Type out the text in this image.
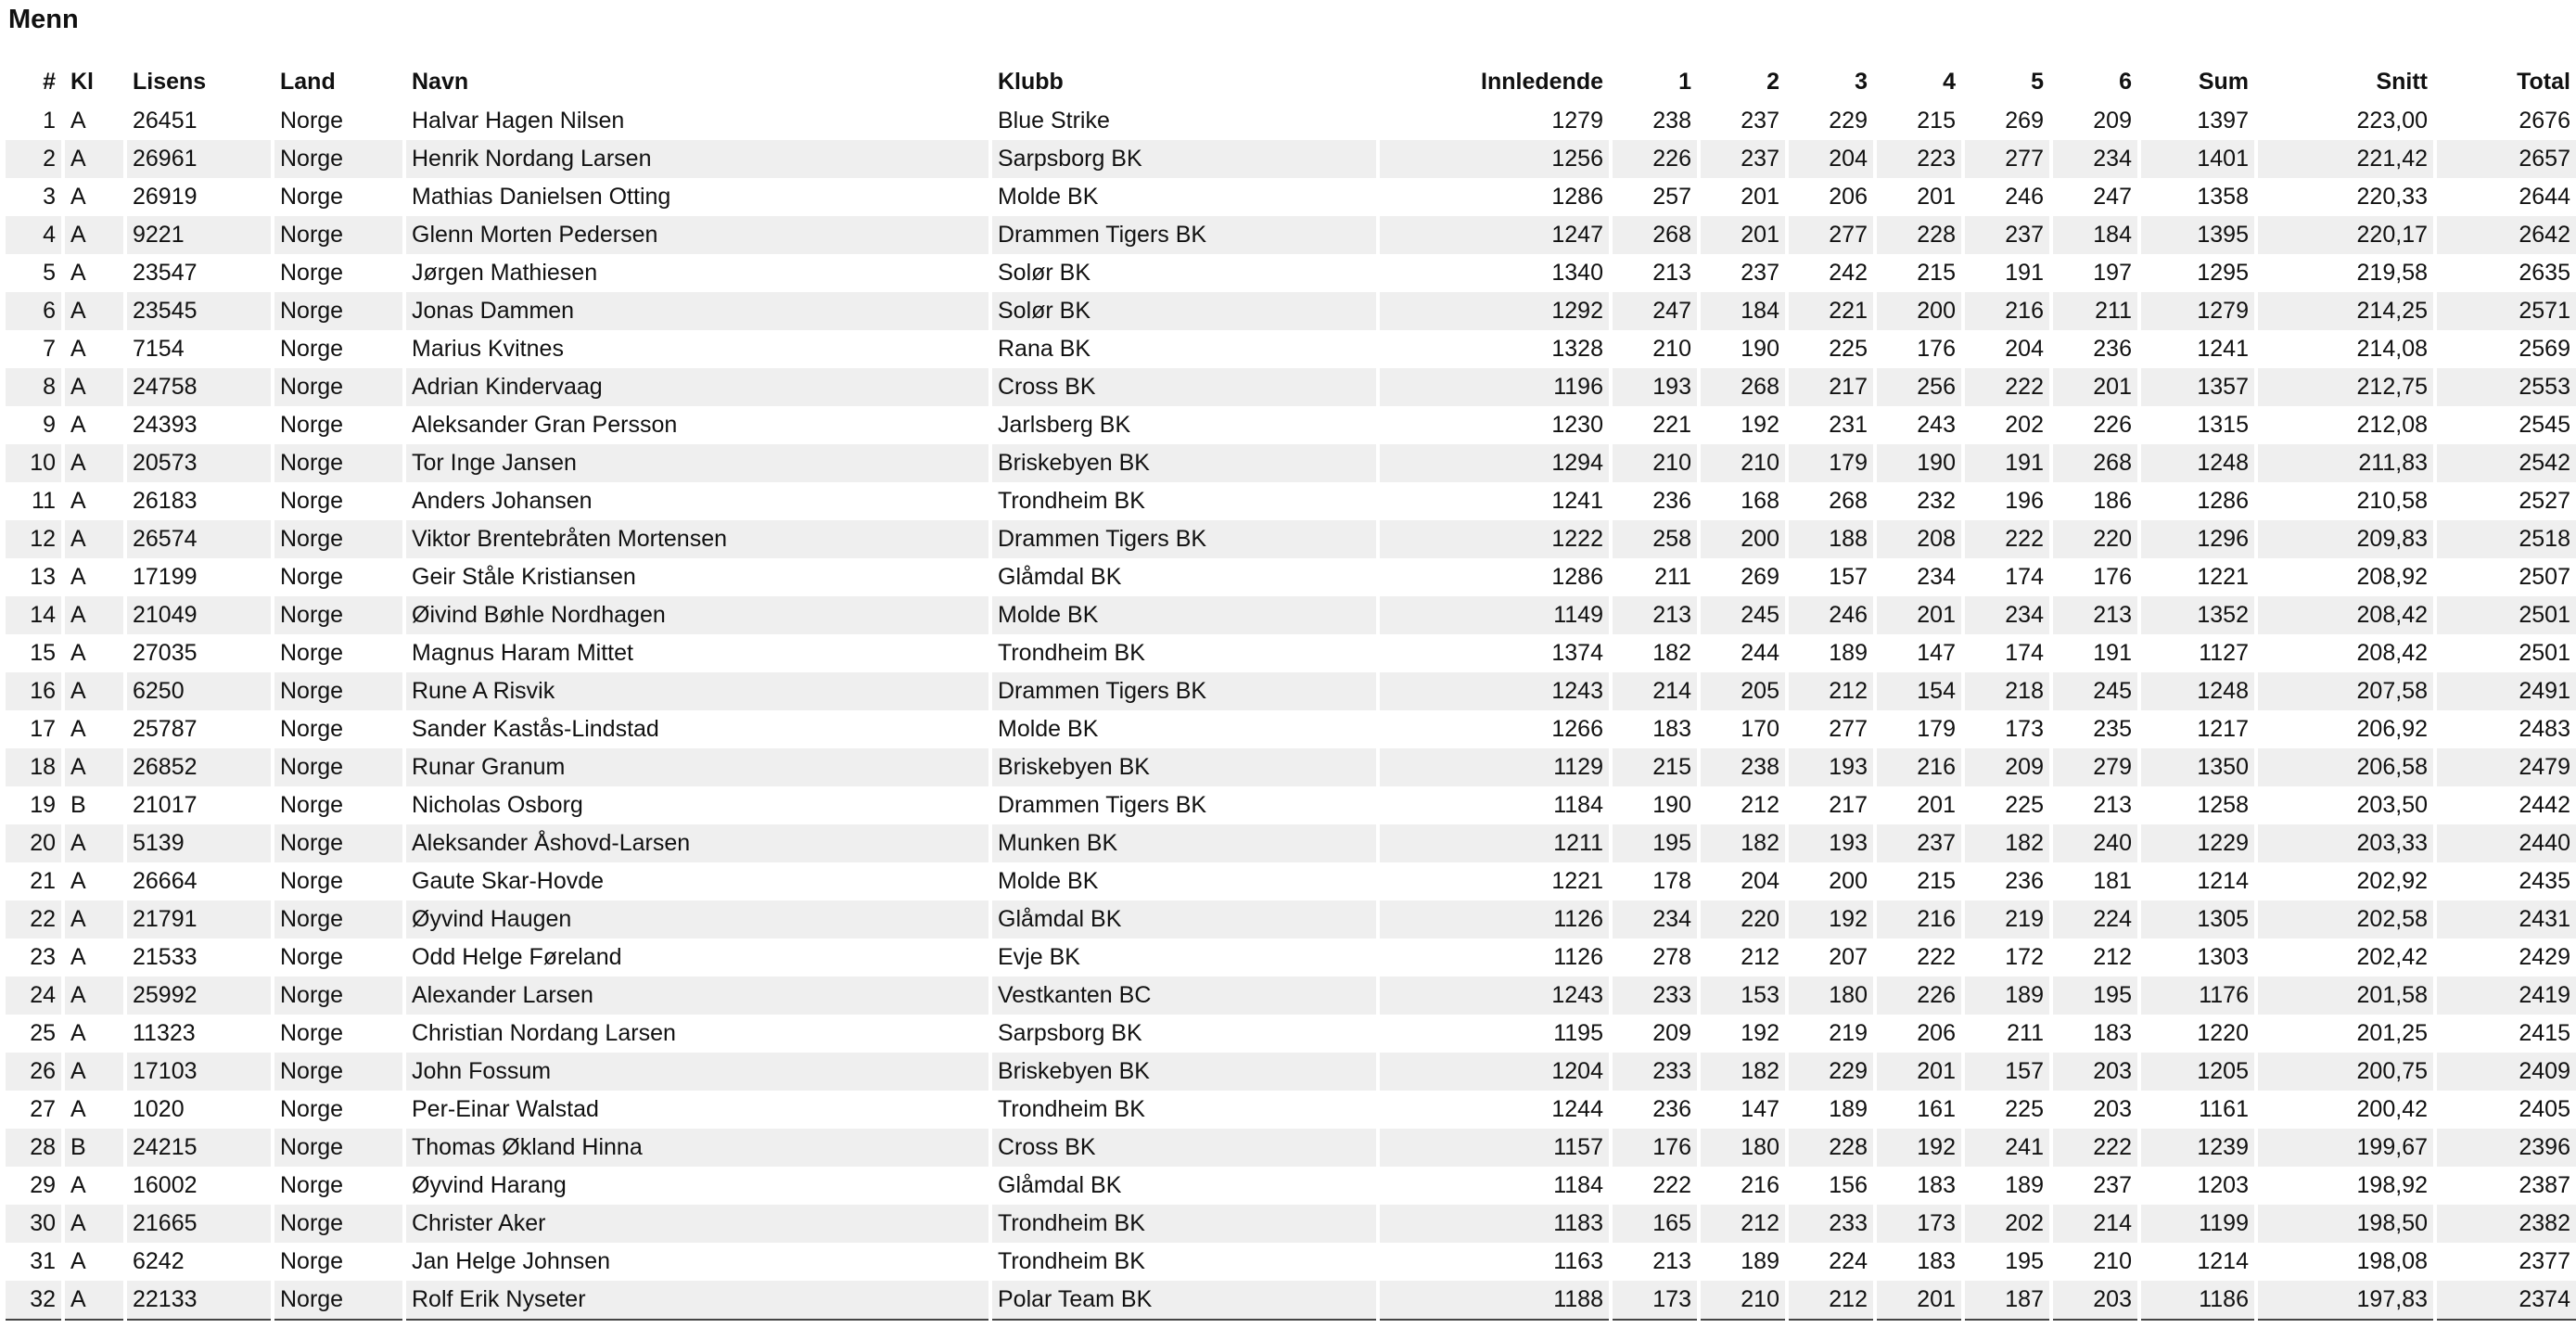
Menn
#	Kl	Lisens	Land	Navn	Klubb	Innledende	1	2	3	4	5	6	Sum	Snitt	Total
1	A	26451	Norge	Halvar Hagen Nilsen	Blue Strike	1279	238	237	229	215	269	209	1397	223,00	2676
2	A	26961	Norge	Henrik Nordang Larsen	Sarpsborg BK	1256	226	237	204	223	277	234	1401	221,42	2657
3	A	26919	Norge	Mathias Danielsen Otting	Molde BK	1286	257	201	206	201	246	247	1358	220,33	2644
4	A	9221	Norge	Glenn Morten Pedersen	Drammen Tigers BK	1247	268	201	277	228	237	184	1395	220,17	2642
5	A	23547	Norge	Jørgen Mathiesen	Solør BK	1340	213	237	242	215	191	197	1295	219,58	2635
6	A	23545	Norge	Jonas Dammen	Solør BK	1292	247	184	221	200	216	211	1279	214,25	2571
7	A	7154	Norge	Marius Kvitnes	Rana BK	1328	210	190	225	176	204	236	1241	214,08	2569
8	A	24758	Norge	Adrian Kindervaag	Cross BK	1196	193	268	217	256	222	201	1357	212,75	2553
9	A	24393	Norge	Aleksander Gran Persson	Jarlsberg BK	1230	221	192	231	243	202	226	1315	212,08	2545
10	A	20573	Norge	Tor Inge Jansen	Briskebyen BK	1294	210	210	179	190	191	268	1248	211,83	2542
11	A	26183	Norge	Anders Johansen	Trondheim BK	1241	236	168	268	232	196	186	1286	210,58	2527
12	A	26574	Norge	Viktor Brentebråten Mortensen	Drammen Tigers BK	1222	258	200	188	208	222	220	1296	209,83	2518
13	A	17199	Norge	Geir Ståle Kristiansen	Glåmdal BK	1286	211	269	157	234	174	176	1221	208,92	2507
14	A	21049	Norge	Øivind Bøhle Nordhagen	Molde BK	1149	213	245	246	201	234	213	1352	208,42	2501
15	A	27035	Norge	Magnus Haram Mittet	Trondheim BK	1374	182	244	189	147	174	191	1127	208,42	2501
16	A	6250	Norge	Rune A Risvik	Drammen Tigers BK	1243	214	205	212	154	218	245	1248	207,58	2491
17	A	25787	Norge	Sander Kastås-Lindstad	Molde BK	1266	183	170	277	179	173	235	1217	206,92	2483
18	A	26852	Norge	Runar Granum	Briskebyen BK	1129	215	238	193	216	209	279	1350	206,58	2479
19	B	21017	Norge	Nicholas Osborg	Drammen Tigers BK	1184	190	212	217	201	225	213	1258	203,50	2442
20	A	5139	Norge	Aleksander Åshovd-Larsen	Munken BK	1211	195	182	193	237	182	240	1229	203,33	2440
21	A	26664	Norge	Gaute Skar-Hovde	Molde BK	1221	178	204	200	215	236	181	1214	202,92	2435
22	A	21791	Norge	Øyvind Haugen	Glåmdal BK	1126	234	220	192	216	219	224	1305	202,58	2431
23	A	21533	Norge	Odd Helge Føreland	Evje BK	1126	278	212	207	222	172	212	1303	202,42	2429
24	A	25992	Norge	Alexander Larsen	Vestkanten BC	1243	233	153	180	226	189	195	1176	201,58	2419
25	A	11323	Norge	Christian Nordang Larsen	Sarpsborg BK	1195	209	192	219	206	211	183	1220	201,25	2415
26	A	17103	Norge	John Fossum	Briskebyen BK	1204	233	182	229	201	157	203	1205	200,75	2409
27	A	1020	Norge	Per-Einar Walstad	Trondheim BK	1244	236	147	189	161	225	203	1161	200,42	2405
28	B	24215	Norge	Thomas Økland Hinna	Cross BK	1157	176	180	228	192	241	222	1239	199,67	2396
29	A	16002	Norge	Øyvind Harang	Glåmdal BK	1184	222	216	156	183	189	237	1203	198,92	2387
30	A	21665	Norge	Christer Aker	Trondheim BK	1183	165	212	233	173	202	214	1199	198,50	2382
31	A	6242	Norge	Jan Helge Johnsen	Trondheim BK	1163	213	189	224	183	195	210	1214	198,08	2377
32	A	22133	Norge	Rolf Erik Nyseter	Polar Team BK	1188	173	210	212	201	187	203	1186	197,83	2374
